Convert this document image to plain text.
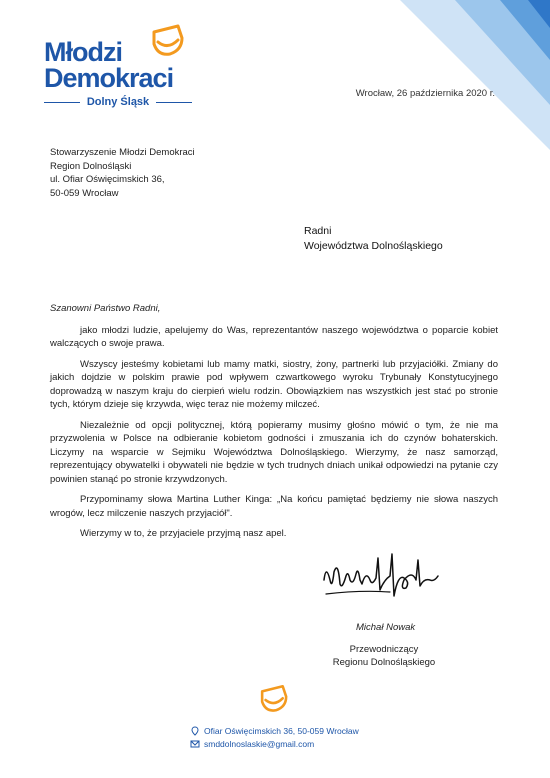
Młodzi
Demokraci
Dolny Śląsk
Wrocław, 26 października 2020 r.
Stowarzyszenie Młodzi Demokraci
Region Dolnośląski
ul. Ofiar Oświęcimskich 36,
50-059 Wrocław
Radni
Województwa Dolnośląskiego

Szanowni Państwo Radni,

jako młodzi ludzie, apelujemy do Was, reprezentantów naszego województwa o poparcie kobiet walczących o swoje prawa.

Wszyscy jesteśmy kobietami lub mamy matki, siostry, żony, partnerki lub przyjaciółki. Zmiany do jakich dojdzie w polskim prawie pod wpływem czwartkowego wyroku Trybunały Konstytucyjnego doprowadzą w naszym kraju do cierpień wielu rodzin. Obowiązkiem nas wszystkich jest stać po stronie tych, którym dzieje się krzywda, więc teraz nie możemy milczeć.

Niezależnie od opcji politycznej, którą popieramy musimy głośno mówić o tym, że nie ma przyzwolenia w Polsce na odbieranie kobietom godności i zmuszania ich do czynów bohaterskich. Liczymy na wsparcie w Sejmiku Województwa Dolnośląskiego. Wierzymy, że nasz samorząd, reprezentujący obywatelki i obywateli nie będzie w tych trudnych dniach unikał odpowiedzi na pytanie czy powinien stanąć po stronie krzywdzonych.

Przypominamy słowa Martina Luther Kinga: „Na końcu pamiętać będziemy nie słowa naszych wrogów, lecz milczenie naszych przyjaciół".

Wierzymy w to, że przyjaciele przyjmą nasz apel.

Michał Nowak
Przewodniczący
Regionu Dolnośląskiego
Ofiar Oświęcimskich 36, 50-059 Wrocław
smddolnoslaskie@gmail.com
